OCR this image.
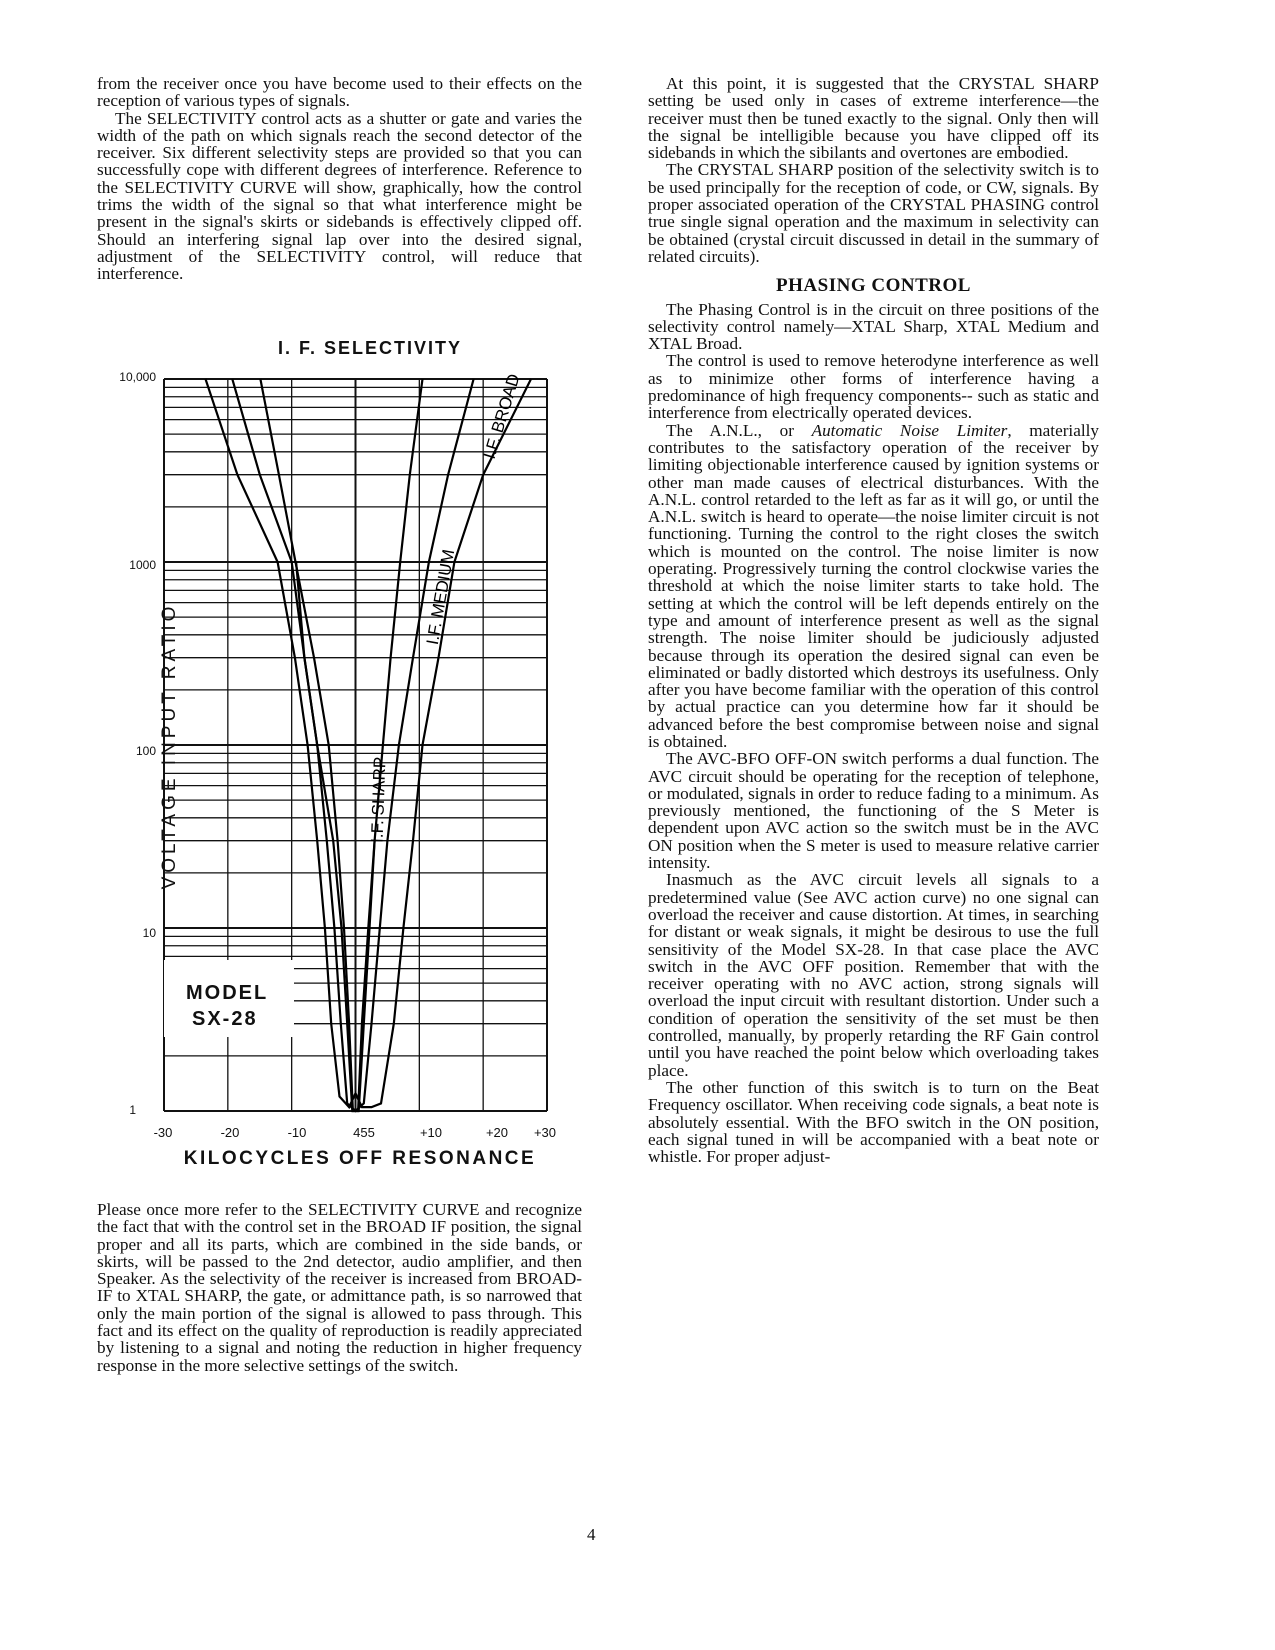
from the receiver once you have become used to their effects on the reception of various types of signals.

The SELECTIVITY control acts as a shutter or gate and varies the width of the path on which signals reach the second detector of the receiver. Six different selectivity steps are provided so that you can successfully cope with different degrees of interference. Reference to the SELECTIVITY CURVE will show, graphically, how the control trims the width of the signal so that what interference might be present in the signal's skirts or sidebands is effectively clipped off. Should an interfering signal lap over into the desired signal, adjustment of the SELECTIVITY control, will reduce that interference.

I. F. SELECTIVITY
I.F. BROAD
I.F. MEDIUM
I.F. SHARP
10,000
1000
100
10
1
-30	-20	-10	455	+10	+20	+30
VOLTAGE INPUT RATIO
KILOCYCLES OFF RESONANCE
MODEL
SX-28

Please once more refer to the SELECTIVITY CURVE and recognize the fact that with the control set in the BROAD IF position, the signal proper and all its parts, which are combined in the side bands, or skirts, will be passed to the 2nd detector, audio amplifier, and then Speaker. As the selectivity of the receiver is increased from BROAD-IF to XTAL SHARP, the gate, or admittance path, is so narrowed that only the main portion of the signal is allowed to pass through. This fact and its effect on the quality of reproduction is readily appreciated by listening to a signal and noting the reduction in higher frequency response in the more selective settings of the switch.

At this point, it is suggested that the CRYSTAL SHARP setting be used only in cases of extreme interference—the receiver must then be tuned exactly to the signal. Only then will the signal be intelligible because you have clipped off its sidebands in which the sibilants and overtones are embodied.

The CRYSTAL SHARP position of the selectivity switch is to be used principally for the reception of code, or CW, signals. By proper associated operation of the CRYSTAL PHASING control true single signal operation and the maximum in selectivity can be obtained (crystal circuit discussed in detail in the summary of related circuits).

PHASING CONTROL

The Phasing Control is in the circuit on three positions of the selectivity control namely—XTAL Sharp, XTAL Medium and XTAL Broad.

The control is used to remove heterodyne interference as well as to minimize other forms of interference having a predominance of high frequency components-- such as static and interference from electrically operated devices.

The A.N.L., or Automatic Noise Limiter, materially contributes to the satisfactory operation of the receiver by limiting objectionable interference caused by ignition systems or other man made causes of electrical disturbances. With the A.N.L. control retarded to the left as far as it will go, or until the A.N.L. switch is heard to operate—the noise limiter circuit is not functioning. Turning the control to the right closes the switch which is mounted on the control. The noise limiter is now operating. Progressively turning the control clockwise varies the threshold at which the noise limiter starts to take hold. The setting at which the control will be left depends entirely on the type and amount of interference present as well as the signal strength. The noise limiter should be judiciously adjusted because through its operation the desired signal can even be eliminated or badly distorted which destroys its usefulness. Only after you have become familiar with the operation of this control by actual practice can you determine how far it should be advanced before the best compromise between noise and signal is obtained.

The AVC-BFO OFF-ON switch performs a dual function. The AVC circuit should be operating for the reception of telephone, or modulated, signals in order to reduce fading to a minimum. As previously mentioned, the functioning of the S Meter is dependent upon AVC action so the switch must be in the AVC ON position when the S meter is used to measure relative carrier intensity.

Inasmuch as the AVC circuit levels all signals to a predetermined value (See AVC action curve) no one signal can overload the receiver and cause distortion. At times, in searching for distant or weak signals, it might be desirous to use the full sensitivity of the Model SX-28. In that case place the AVC switch in the AVC OFF position. Remember that with the receiver operating with no AVC action, strong signals will overload the input circuit with resultant distortion. Under such a condition of operation the sensitivity of the set must be then controlled, manually, by properly retarding the RF Gain control until you have reached the point below which overloading takes place.

The other function of this switch is to turn on the Beat Frequency oscillator. When receiving code signals, a beat note is absolutely essential. With the BFO switch in the ON position, each signal tuned in will be accompanied with a beat note or whistle. For proper adjust-

4
